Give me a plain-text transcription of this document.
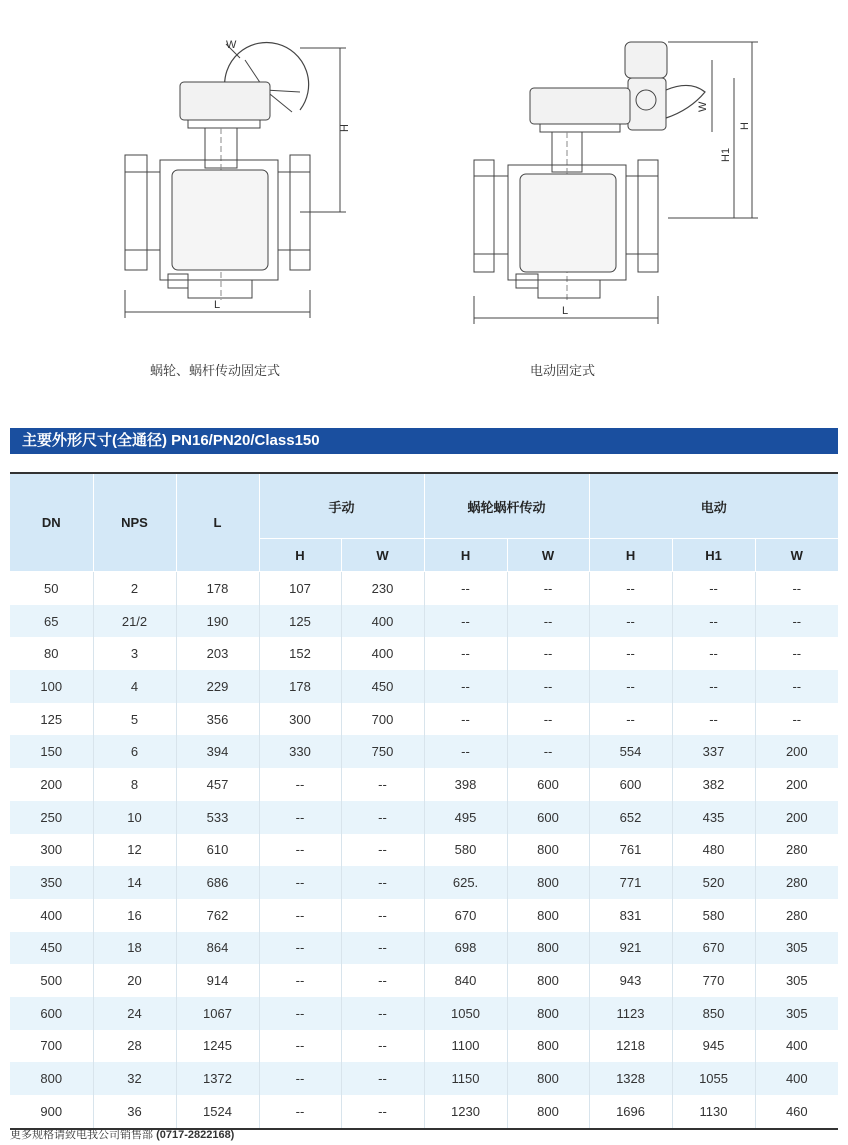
W
H
L
W
H1
H
L
蜗轮、蜗杆传动固定式	电动固定式
主要外形尺寸(全通径) PN16/PN20/Class150
DN	NPS	L	手动		蜗轮蜗杆传动		电动		
			H	W	H	W	H	H1	W
50	2	178	107	230	--	--	--	--	--
65	21/2	190	125	400	--	--	--	--	--
80	3	203	152	400	--	--	--	--	--
100	4	229	178	450	--	--	--	--	--
125	5	356	300	700	--	--	--	--	--
150	6	394	330	750	--	--	554	337	200
200	8	457	--	--	398	600	600	382	200
250	10	533	--	--	495	600	652	435	200
300	12	610	--	--	580	800	761	480	280
350	14	686	--	--	625.	800	771	520	280
400	16	762	--	--	670	800	831	580	280
450	18	864	--	--	698	800	921	670	305
500	20	914	--	--	840	800	943	770	305
600	24	1067	--	--	1050	800	1123	850	305
700	28	1245	--	--	1100	800	1218	945	400
800	32	1372	--	--	1150	800	1328	1055	400
900	36	1524	--	--	1230	800	1696	1130	460
更多规格请致电我公司销售部 (0717-2822168)
